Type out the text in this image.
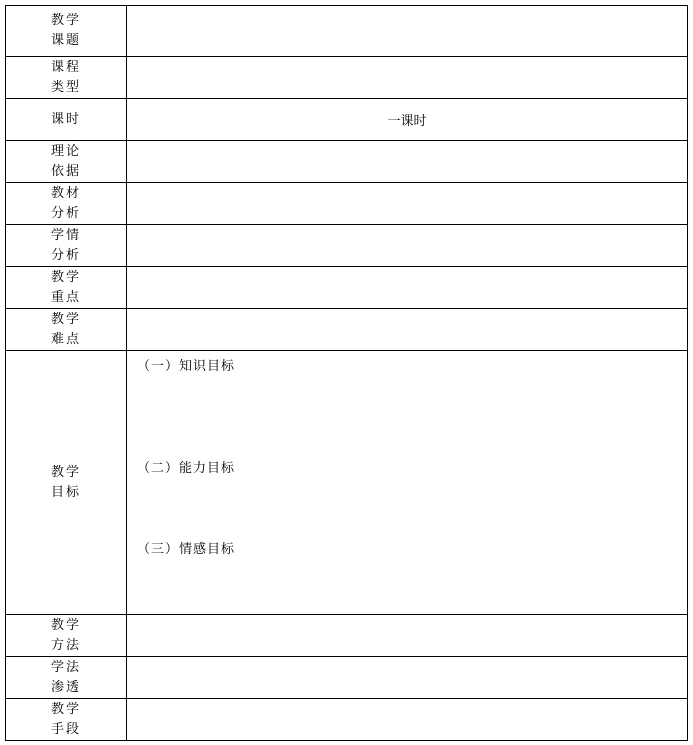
教学
课题	

课程
类型	

课时	一课时

理论
依据	

教材
分析	

学情
分析	

教学
重点	

教学
难点	

教学
目标	（一）知识目标
（二）能力目标
（三）情感目标

教学
方法	

学法
渗透	

教学
手段	
